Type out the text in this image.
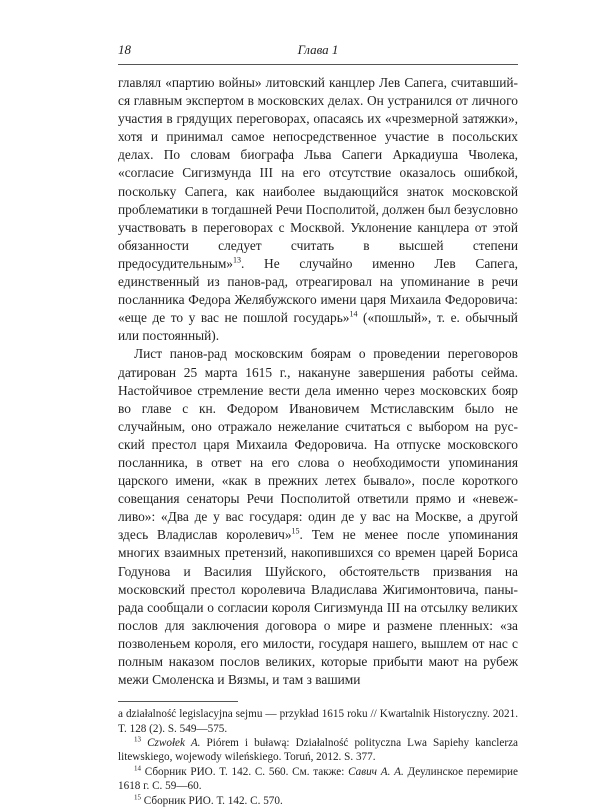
18	Глава 1

главлял «партию войны» литовский канцлер Лев Сапега, считавшийся главным экспертом в московских делах. Он устранился от личного участия в грядущих переговорах, опасаясь их «чрезмерной затяжки», хотя и принимал самое непосредственное участие в посольских делах. По словам биографа Льва Сапеги Аркадиуша Чволека, «согласие Сигизмунда III на его отсутствие оказалось ошибкой, поскольку Сапега, как наиболее выдающийся знаток московской проблематики в тогдашней Речи Посполитой, должен был безусловно участвовать в переговорах с Москвой. Уклонение канцлера от этой обязанности следует считать в высшей степени предосудительным»$^{13}$. Не случайно именно Лев Сапега, единственный из панов-рад, отреагировал на упоминание в речи посланника Федора Желябужского имени царя Михаила Федоровича: «еще де то у вас не пошлой государь»$^{14}$ («пошлый», т. е. обычный или постоянный).

Лист панов-рад московским боярам о проведении переговоров датирован 25 марта 1615 г., накануне завершения работы сейма. Настойчивое стремление вести дела именно через московских бояр во главе с кн. Федором Ивановичем Мстиславским было не случайным, оно отражало нежелание считаться с выбором на русский престол царя Михаила Федоровича. На отпуске московского посланника, в ответ на его слова о необходимости упоминания царского имени, «как в прежних летех бывало», после короткого совещания сенаторы Речи Посполитой ответили прямо и «невежливо»: «Два де у вас государя: один де у вас на Москве, а другой здесь Владислав королевич»$^{15}$. Тем не менее после упоминания многих взаимных претензий, накопившихся со времен царей Бориса Годунова и Василия Шуйского, обстоятельств призвания на московский престол королевича Владислава Жигимонтовича, паны-рада сообщали о согласии короля Сигизмунда III на отсылку великих послов для заключения договора о мире и размене пленных: «за позволеньем короля, его милости, государя нашего, вышлем от нас с полным наказом послов великих, которые прибыти мают на рубеж межи Смоленска и Вязмы, и там з вашими

a działalność legislacyjna sejmu — przykład 1615 roku // Kwartalnik Historyczny. 2021. T. 128 (2). S. 549—575.

$^{13}$ Czwołek A. Piórem i buławą: Działalność polityczna Lwa Sapiehy kanclerza litewskiego, wojewody wileńskiego. Toruń, 2012. S. 377.

$^{14}$ Сборник РИО. Т. 142. С. 560. См. также: Савич А. А. Деулинское перемирие 1618 г. С. 59—60.

$^{15}$ Сборник РИО. Т. 142. С. 570.
